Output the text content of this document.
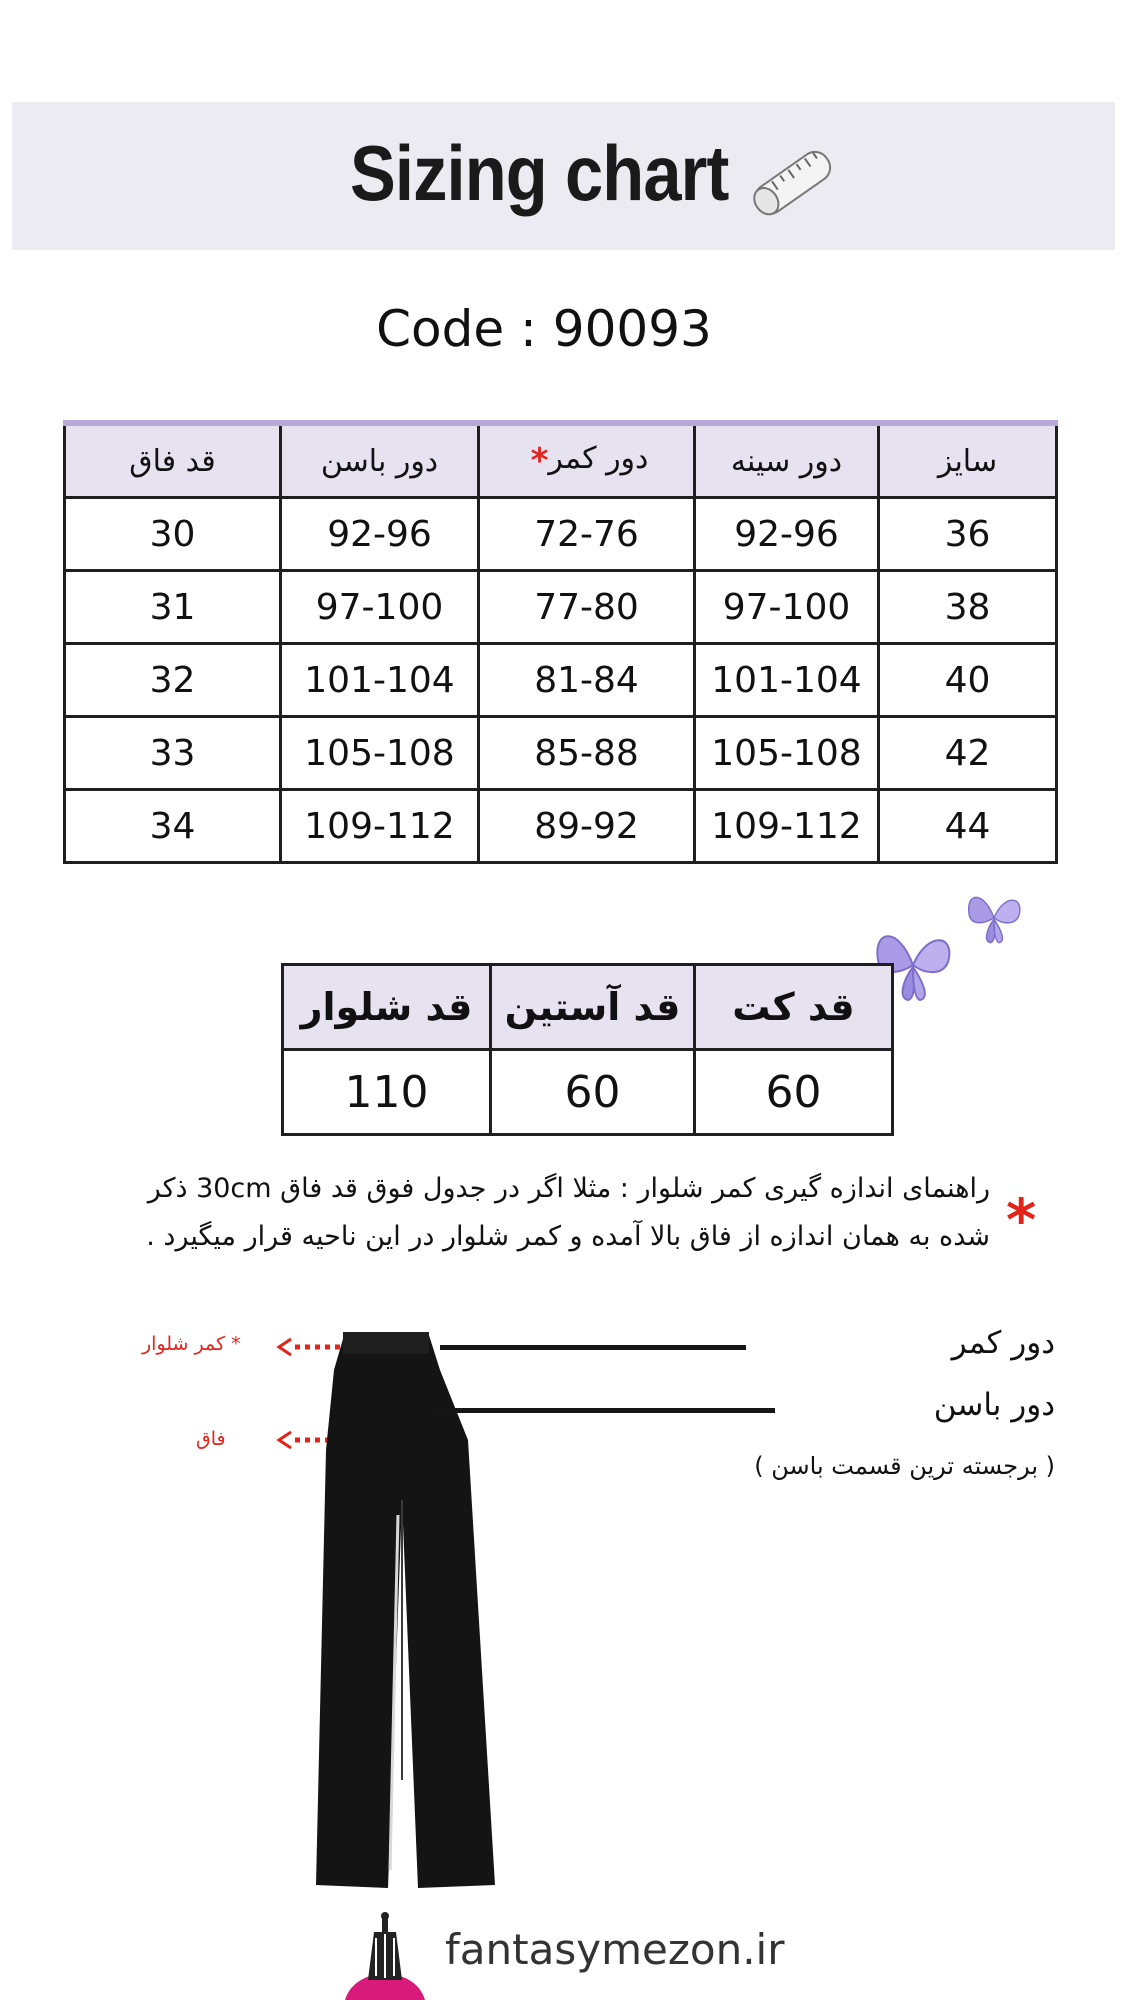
Sizing chart
Code : 90093
قد فاق	دور باسن	دور کمر*	دور سینه	سایز
30	92-96	72-76	92-96	36
31	97-100	77-80	97-100	38
32	101-104	81-84	101-104	40
33	105-108	85-88	105-108	42
34	109-112	89-92	109-112	44
قد شلوار	قد آستین	قد کت
110	60	60
*
راهنمای اندازه گیری کمر شلوار : مثلا اگر در جدول فوق قد فاق 30cm ذکر
شده به همان اندازه از فاق بالا آمده و کمر شلوار در این ناحیه قرار میگیرد .
* کمر شلوار
فاق
دور کمر
دور باسن
( برجسته ترین قسمت باسن )
fantasymezon.ir
